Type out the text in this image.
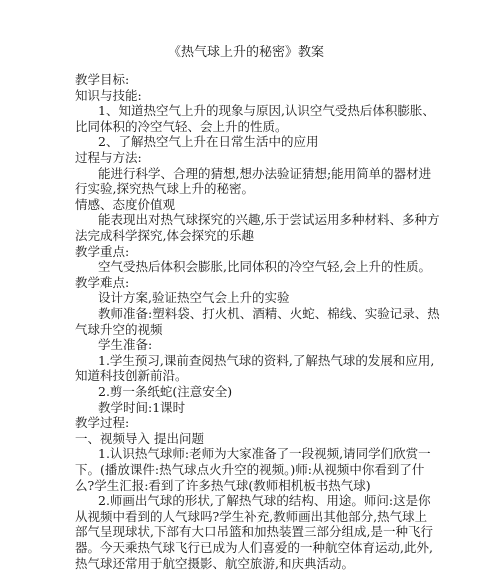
《热气球上升的秘密》教案
教学目标:
知识与技能:
1、知道热空气上升的现象与原因,认识空气受热后体积膨胀、
比同体积的冷空气轻、会上升的性质。
2、了解热空气上升在日常生活中的应用
过程与方法:
能进行科学、合理的猜想,想办法验证猜想;能用简单的器材进
行实验,探究热气球上升的秘密。
情感、态度价值观
能表现出对热气球探究的兴趣,乐于尝试运用多种材料、多种方
法完成科学探究,体会探究的乐趣
教学重点:
空气受热后体积会膨胀,比同体积的冷空气轻,会上升的性质。
教学难点:
设计方案,验证热空气会上升的实验
教师准备:塑料袋、打火机、酒精、火蛇、棉线、实验记录、热
气球升空的视频
学生准备:
1.学生预习,课前查阅热气球的资料,了解热气球的发展和应用,
知道科技创新前沿。
2.剪一条纸蛇(注意安全)
教学时间:1课时
教学过程:
一、视频导入 提出问题
1.认识热气球师:老师为大家准备了一段视频,请同学们欣赏一
下。(播放课件:热气球点火升空的视频。)师:从视频中你看到了什
么?学生汇报:看到了许多热气球(教师相机板书热气球)
2.师画出气球的形状,了解热气球的结构、用途。师问:这是你
从视频中看到的人气球吗?学生补充,教师画出其他部分,热气球上
部气呈现球状,下部有大口吊篮和加热装置三部分组成,是一种飞行
器。今天乘热气球飞行已成为人们喜爱的一种航空体育运动,此外,
热气球还常用于航空摄影、航空旅游,和庆典活动。
